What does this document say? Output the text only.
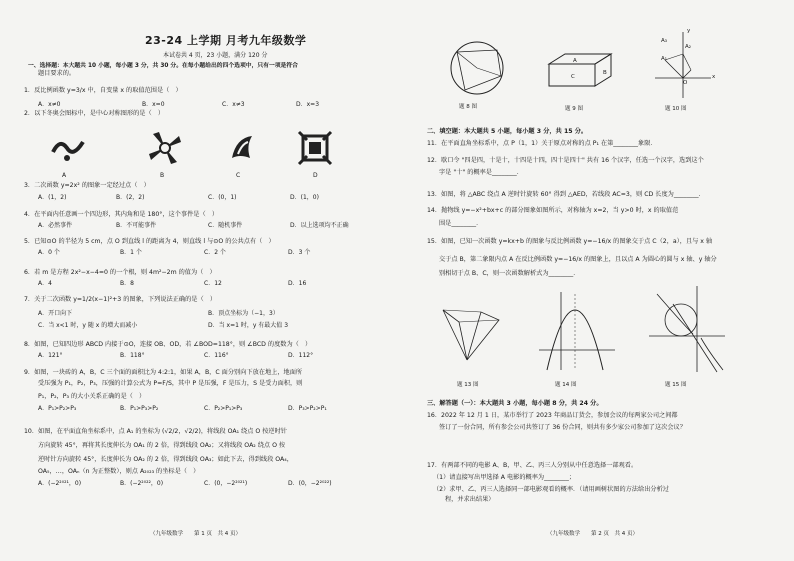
23-24 上学期 月考九年级数学
本试卷共 4 页，23 小题，满分 120 分
一、选择题：本大题共 10 小题，每小题 3 分，共 30 分。在每小题给出的四个选项中，只有一项是符合
题目要求的。
1．反比例函数 y=3/x 中，自变量 x 的取值范围是（　）
A．x≠0	B．x=0	C．x≠3	D．x=3
2．以下冬奥会图标中，是中心对称图形的是（　）
A	B	C	D
3．二次函数 y=2x² 的图象一定经过点（　）
A．(1，2)	B．(2，2)	C．(0，1)	D．(1，0)
4．在平面内任意画一个四边形，其内角和是 180°，这个事件是（　）
A．必然事件	B．不可能事件	C．随机事件	D．以上选项均不正确
5．已知⊙O 的半径为 5 cm，点 O 到直线 l 的距离为 4，则直线 l 与⊙O 的公共点有（　）
A．0 个	B．1 个	C．2 个	D．3 个
6．若 m 是方程 2x²−x−4=0 的一个根，则 4m²−2m 的值为（　）
A．4	B．8	C．12	D．16
7．关于二次函数 y=1/2(x−1)²+3 的图象，下列说法正确的是（　）
A．开口向下	B．顶点坐标为（−1，3）
C．当 x<1 时，y 随 x 的增大而减小	D．当 x=1 时，y 有最大值 3
8．如图，已知四边形 ABCD 内接于⊙O，连接 OB、OD，若 ∠BOD=118°，则 ∠BCD 的度数为（　）
A．121°	B．118°	C．116°	D．112°
9．如图，一块砖的 A，B，C 三个面的面积比为 4:2:1，如果 A，B，C 面分别向下放在地上，地面所
受压强为 P₁，P₂，P₃，压强的计算公式为 P=F/S，其中 P 是压强，F 是压力，S 是受力面积，则
P₁，P₂，P₃ 的大小关系正确的是（　）
A．P₁>P₂>P₃	B．P₁>P₃>P₂	C．P₂>P₁>P₃	D．P₃>P₂>P₁
10．如图，在平面直角坐标系中，点 A₁ 的坐标为 (√2/2，√2/2)，将线段 OA₁ 绕点 O 按逆时针
方向旋转 45°，再将其长度伸长为 OA₁ 的 2 倍，得到线段 OA₂；又将线段 OA₂ 绕点 O 按
逆时针方向旋转 45°，长度伸长为 OA₂ 的 2 倍，得到线段 OA₃；如此下去，得到线段 OA₄，
OA₅，…，OAₙ（n 为正整数），则点 A₂₀₂₃ 的坐标是（　）
A．(−2²⁰²¹，0)	B．(−2²⁰²²，0)	C．(0，−2²⁰²¹)	D．(0，−2²⁰²²)
（九年级数学　　第 1 页　共 4 页）
题 8 图
A
B
C
题 9 图
A₁
A₂
A₃
O
x
y
题 10 图
二、填空题：本大题共 5 小题，每小题 3 分，共 15 分。
11．在平面直角坐标系中，点 P（1，1）关于原点对称的点 P₁ 在第________象限．
12．歇口令 "四是四，十是十，十四是十四，四十是四十" 共有 16 个汉字，任选一个汉字，选到这个
字是 "十" 的概率是________．
13．如图，将 △ABC 绕点 A 逆时针旋转 60° 得到 △AED，若线段 AC=3，则 CD 长度为________．
14．抛物线 y=−x²+bx+c 的部分图象如图所示，对称轴为 x=2，当 y>0 时，x 的取值范
围是________．
15．如图，已知一次函数 y=kx+b 的图象与反比例函数 y=−16/x 的图象交于点 C（2，a），且与 x 轴
交于点 B，第二象限内点 A 在反比例函数 y=−16/x 的图象上，且以点 A 为圆心的圆与 x 轴、y 轴分
别相切于点 B、C，则一次函数解析式为________．
题 13 图	题 14 图	题 15 图
三、解答题（一）：本大题共 3 小题，每小题 8 分，共 24 分。
16．2022 年 12 月 1 日，某市举行了 2023 年商品订货会，参加会议的每两家公司之间都
签订了一份合同，所有参会公司共签订了 36 份合同，则共有多少家公司参加了这次会议？
17．有两部不同的电影 A、B，甲、乙、丙三人分别从中任意选择一部观看。
（1）请直接写出甲选择 A 电影的概率为________；
（2）求甲、乙、丙三人选择同一部电影观看的概率．（请用画树状图的方法给出分析过
程，并求出结果）
（九年级数学　　第 2 页　共 4 页）
